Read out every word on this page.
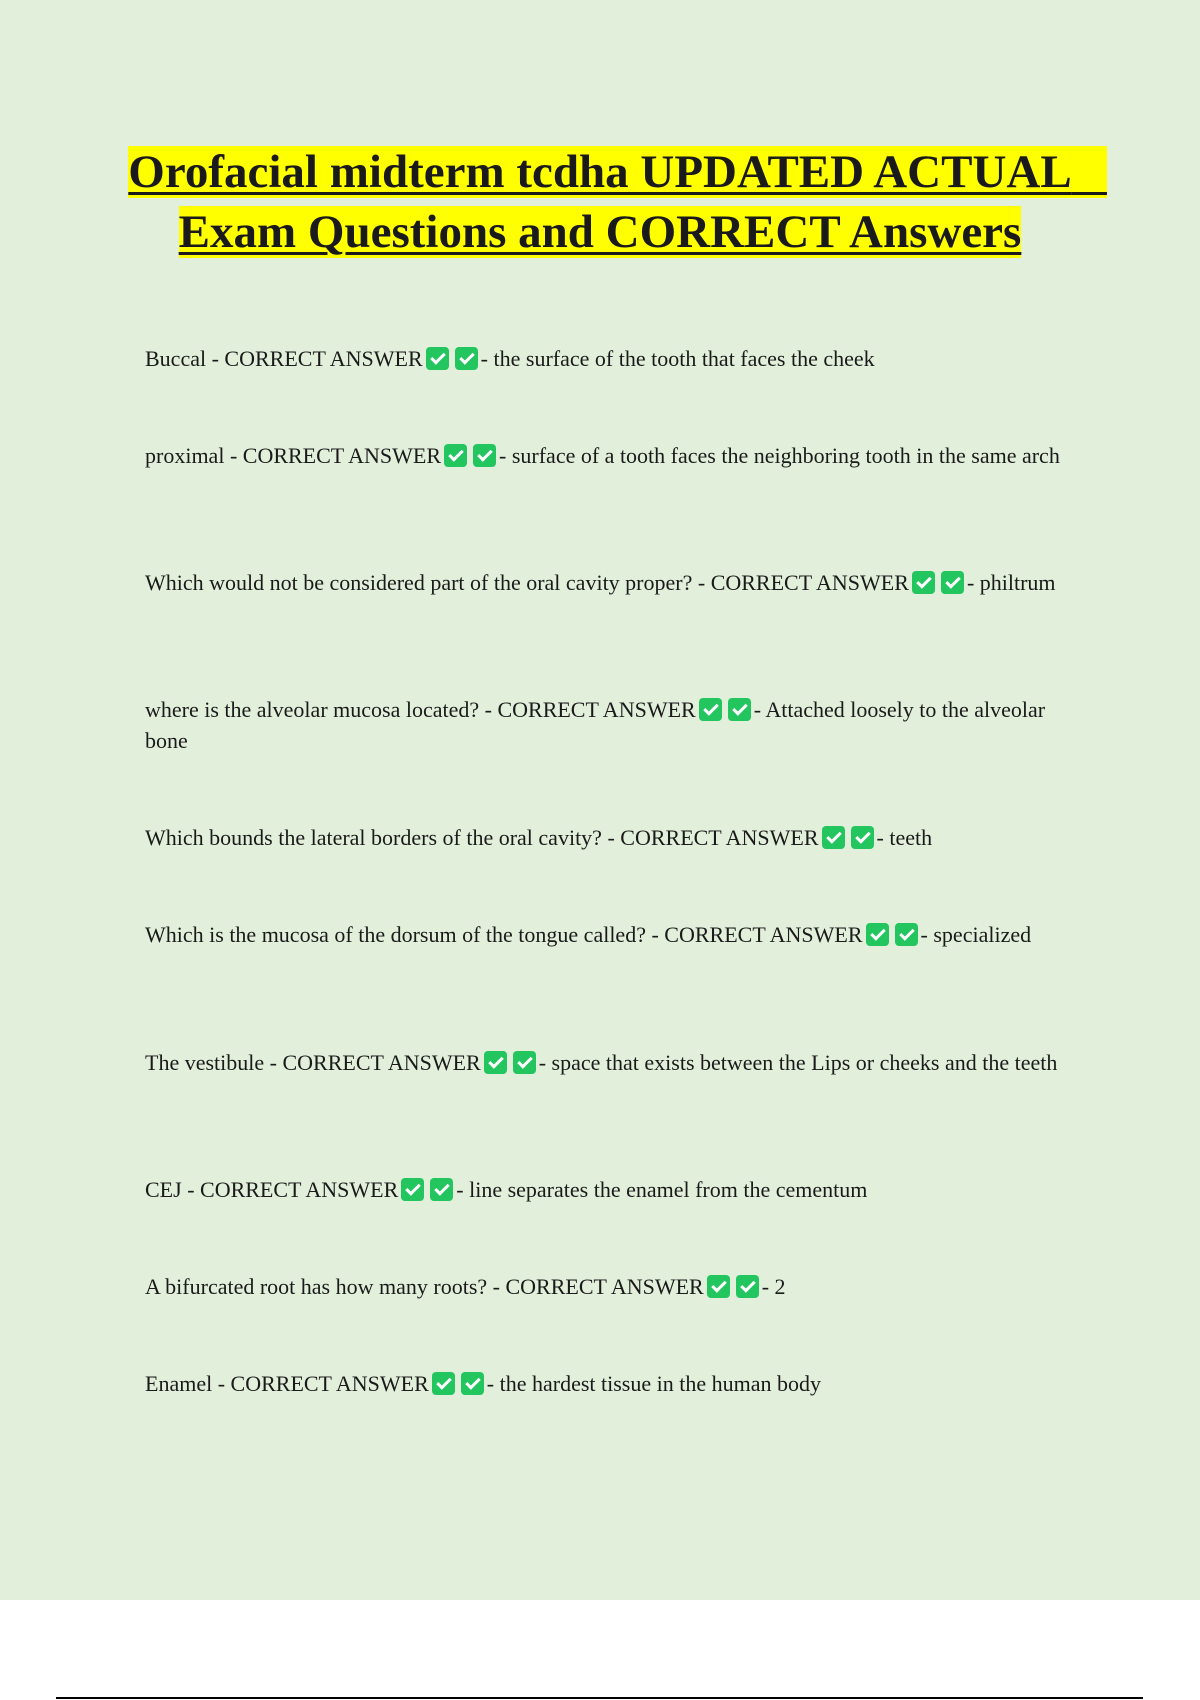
Orofacial midterm tcdha UPDATED ACTUAL   Exam Questions and CORRECT Answers

Buccal - CORRECT ANSWER	- the surface of the tooth that faces the cheek

proximal - CORRECT ANSWER	- surface of a tooth faces the neighboring tooth in the same arch

Which would not be considered part of the oral cavity proper? - CORRECT ANSWER	- philtrum

where is the alveolar mucosa located? - CORRECT ANSWER	- Attached loosely to the alveolar bone

Which bounds the lateral borders of the oral cavity? - CORRECT ANSWER	- teeth

Which is the mucosa of the dorsum of the tongue called? - CORRECT ANSWER	- specialized

The vestibule - CORRECT ANSWER	- space that exists between the Lips or cheeks and the teeth

CEJ - CORRECT ANSWER	- line separates the enamel from the cementum

A bifurcated root has how many roots? - CORRECT ANSWER	- 2

Enamel - CORRECT ANSWER	- the hardest tissue in the human body
